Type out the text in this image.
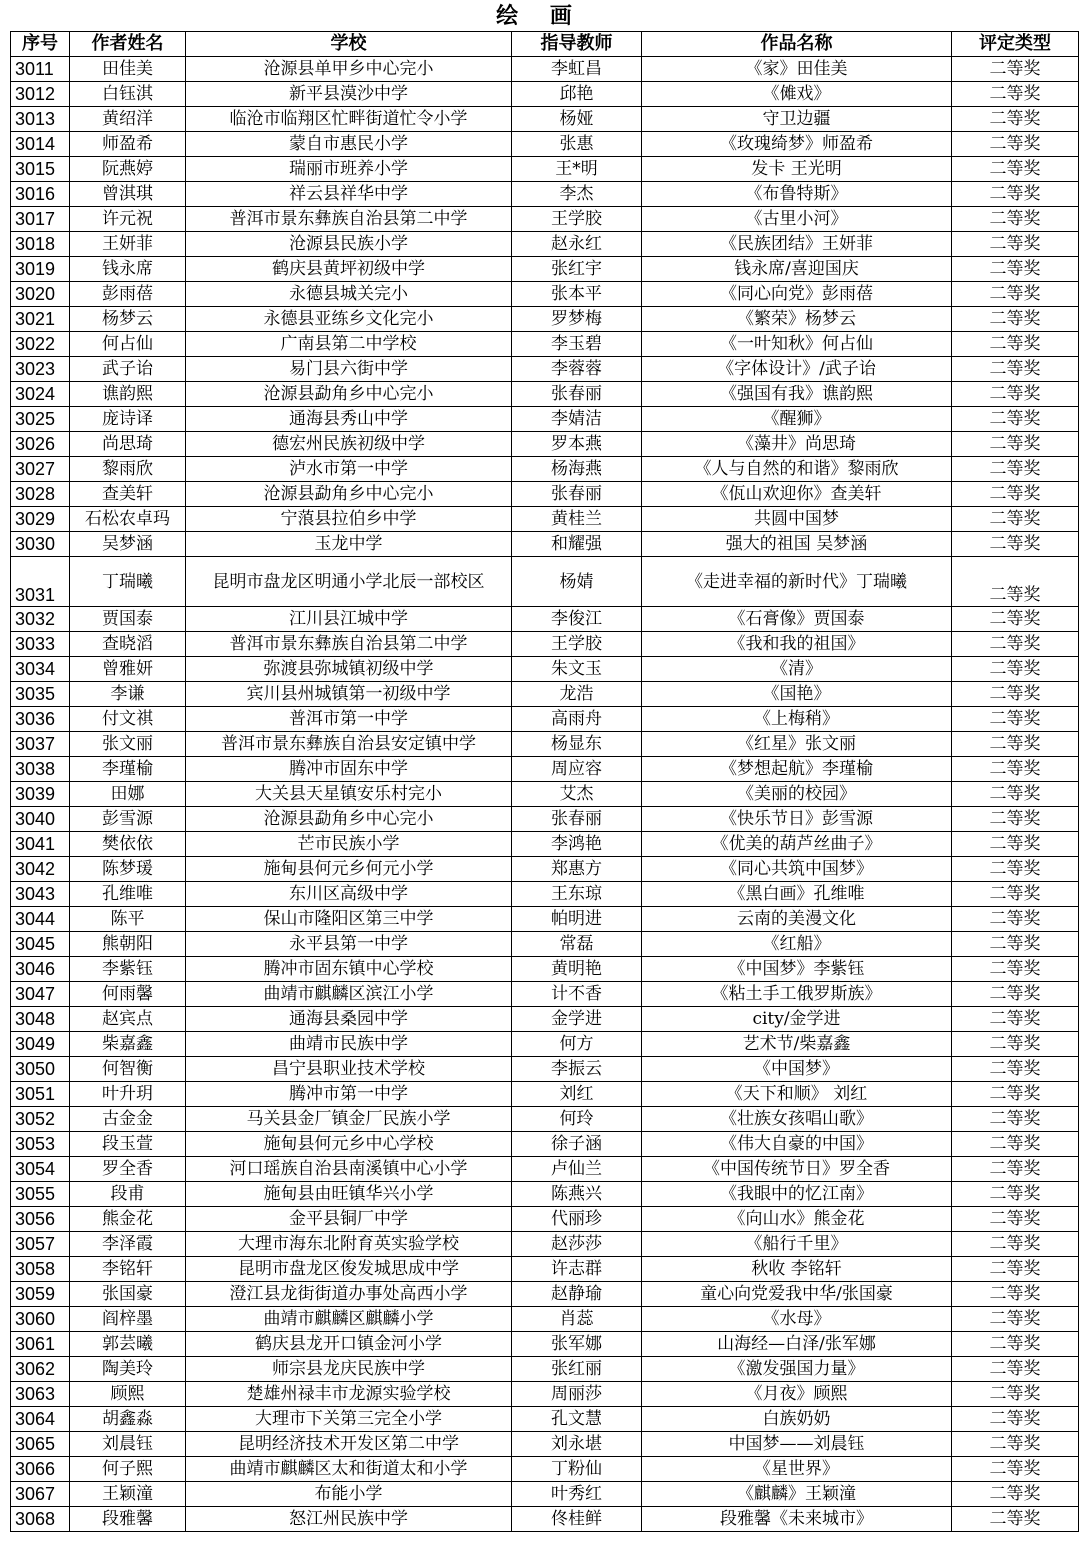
绘 画
序号	作者姓名	学校	指导教师	作品名称	评定类型
3011	田佳美	沧源县单甲乡中心完小	李虹昌	《家》田佳美	二等奖
3012	白钰淇	新平县漠沙中学	邱艳	《傩戏》	二等奖
3013	黄绍洋	临沧市临翔区忙畔街道忙令小学	杨娅	守卫边疆	二等奖
3014	师盈希	蒙自市惠民小学	张惠	《玫瑰绮梦》师盈希	二等奖
3015	阮燕婷	瑞丽市班养小学	王*明	发卡 王光明	二等奖
3016	曾淇琪	祥云县祥华中学	李杰	《布鲁特斯》	二等奖
3017	许元祝	普洱市景东彝族自治县第二中学	王学胶	《古里小河》	二等奖
3018	王妍菲	沧源县民族小学	赵永红	《民族团结》王妍菲	二等奖
3019	钱永席	鹤庆县黄坪初级中学	张红宇	钱永席/喜迎国庆	二等奖
3020	彭雨蓓	永德县城关完小	张本平	《同心向党》彭雨蓓	二等奖
3021	杨梦云	永德县亚练乡文化完小	罗梦梅	《繁荣》杨梦云	二等奖
3022	何占仙	广南县第二中学校	李玉碧	《一叶知秋》何占仙	二等奖
3023	武子诒	易门县六街中学	李蓉蓉	《字体设计》/武子诒	二等奖
3024	谯韵熙	沧源县勐角乡中心完小	张春丽	《强国有我》谯韵熙	二等奖
3025	庞诗译	通海县秀山中学	李婧洁	《醒狮》	二等奖
3026	尚思琦	德宏州民族初级中学	罗本燕	《藻井》尚思琦	二等奖
3027	黎雨欣	泸水市第一中学	杨海燕	《人与自然的和谐》黎雨欣	二等奖
3028	查美轩	沧源县勐角乡中心完小	张春丽	《佤山欢迎你》查美轩	二等奖
3029	石松农卓玛	宁蒗县拉伯乡中学	黄桂兰	共圆中国梦	二等奖
3030	吴梦涵	玉龙中学	和耀强	强大的祖国 吴梦涵	二等奖
3031	丁瑞曦	昆明市盘龙区明通小学北辰一部校区	杨婧	《走进幸福的新时代》丁瑞曦	二等奖
3032	贾国泰	江川县江城中学	李俊江	《石膏像》贾国泰	二等奖
3033	查晓滔	普洱市景东彝族自治县第二中学	王学胶	《我和我的祖国》	二等奖
3034	曾雅妍	弥渡县弥城镇初级中学	朱文玉	《清》	二等奖
3035	李谦	宾川县州城镇第一初级中学	龙浩	《国艳》	二等奖
3036	付文祺	普洱市第一中学	高雨舟	《上梅稍》	二等奖
3037	张文丽	普洱市景东彝族自治县安定镇中学	杨显东	《红星》张文丽	二等奖
3038	李瑾榆	腾冲市固东中学	周应容	《梦想起航》李瑾榆	二等奖
3039	田娜	大关县天星镇安乐村完小	艾杰	《美丽的校园》	二等奖
3040	彭雪源	沧源县勐角乡中心完小	张春丽	《快乐节日》彭雪源	二等奖
3041	樊依依	芒市民族小学	李鸿艳	《优美的葫芦丝曲子》	二等奖
3042	陈梦瑗	施甸县何元乡何元小学	郑惠方	《同心共筑中国梦》	二等奖
3043	孔维唯	东川区高级中学	王东琼	《黑白画》孔维唯	二等奖
3044	陈平	保山市隆阳区第三中学	帕明进	云南的美漫文化	二等奖
3045	熊朝阳	永平县第一中学	常磊	《红船》	二等奖
3046	李紫钰	腾冲市固东镇中心学校	黄明艳	《中国梦》李紫钰	二等奖
3047	何雨馨	曲靖市麒麟区滨江小学	计不香	《粘土手工俄罗斯族》	二等奖
3048	赵宾点	通海县桑园中学	金学进	city/金学进	二等奖
3049	柴嘉鑫	曲靖市民族中学	何方	艺术节/柴嘉鑫	二等奖
3050	何智衡	昌宁县职业技术学校	李振云	《中国梦》	二等奖
3051	叶升玥	腾冲市第一中学	刘红	《天下和顺》 刘红	二等奖
3052	古金金	马关县金厂镇金厂民族小学	何玲	《壮族女孩唱山歌》	二等奖
3053	段玉萱	施甸县何元乡中心学校	徐子涵	《伟大自豪的中国》	二等奖
3054	罗全香	河口瑶族自治县南溪镇中心小学	卢仙兰	《中国传统节日》罗全香	二等奖
3055	段甫	施甸县由旺镇华兴小学	陈燕兴	《我眼中的忆江南》	二等奖
3056	熊金花	金平县铜厂中学	代丽珍	《向山水》熊金花	二等奖
3057	李泽霞	大理市海东北附育英实验学校	赵莎莎	《船行千里》	二等奖
3058	李铭轩	昆明市盘龙区俊发城思成中学	许志群	秋收 李铭轩	二等奖
3059	张国豪	澄江县龙街街道办事处高西小学	赵静瑜	童心向党爱我中华/张国豪	二等奖
3060	阎梓墨	曲靖市麒麟区麒麟小学	肖蕊	《水母》	二等奖
3061	郭芸曦	鹤庆县龙开口镇金河小学	张军娜	山海经—白泽/张军娜	二等奖
3062	陶美玲	师宗县龙庆民族中学	张红丽	《激发强国力量》	二等奖
3063	顾熙	楚雄州禄丰市龙源实验学校	周丽莎	《月夜》顾熙	二等奖
3064	胡鑫淼	大理市下关第三完全小学	孔文慧	白族奶奶	二等奖
3065	刘晨钰	昆明经济技术开发区第二中学	刘永堪	中国梦——刘晨钰	二等奖
3066	何子熙	曲靖市麒麟区太和街道太和小学	丁粉仙	《星世界》	二等奖
3067	王颖潼	布能小学	叶秀红	《麒麟》王颖潼	二等奖
3068	段雅馨	怒江州民族中学	佟桂鲜	段雅馨《未来城市》	二等奖
